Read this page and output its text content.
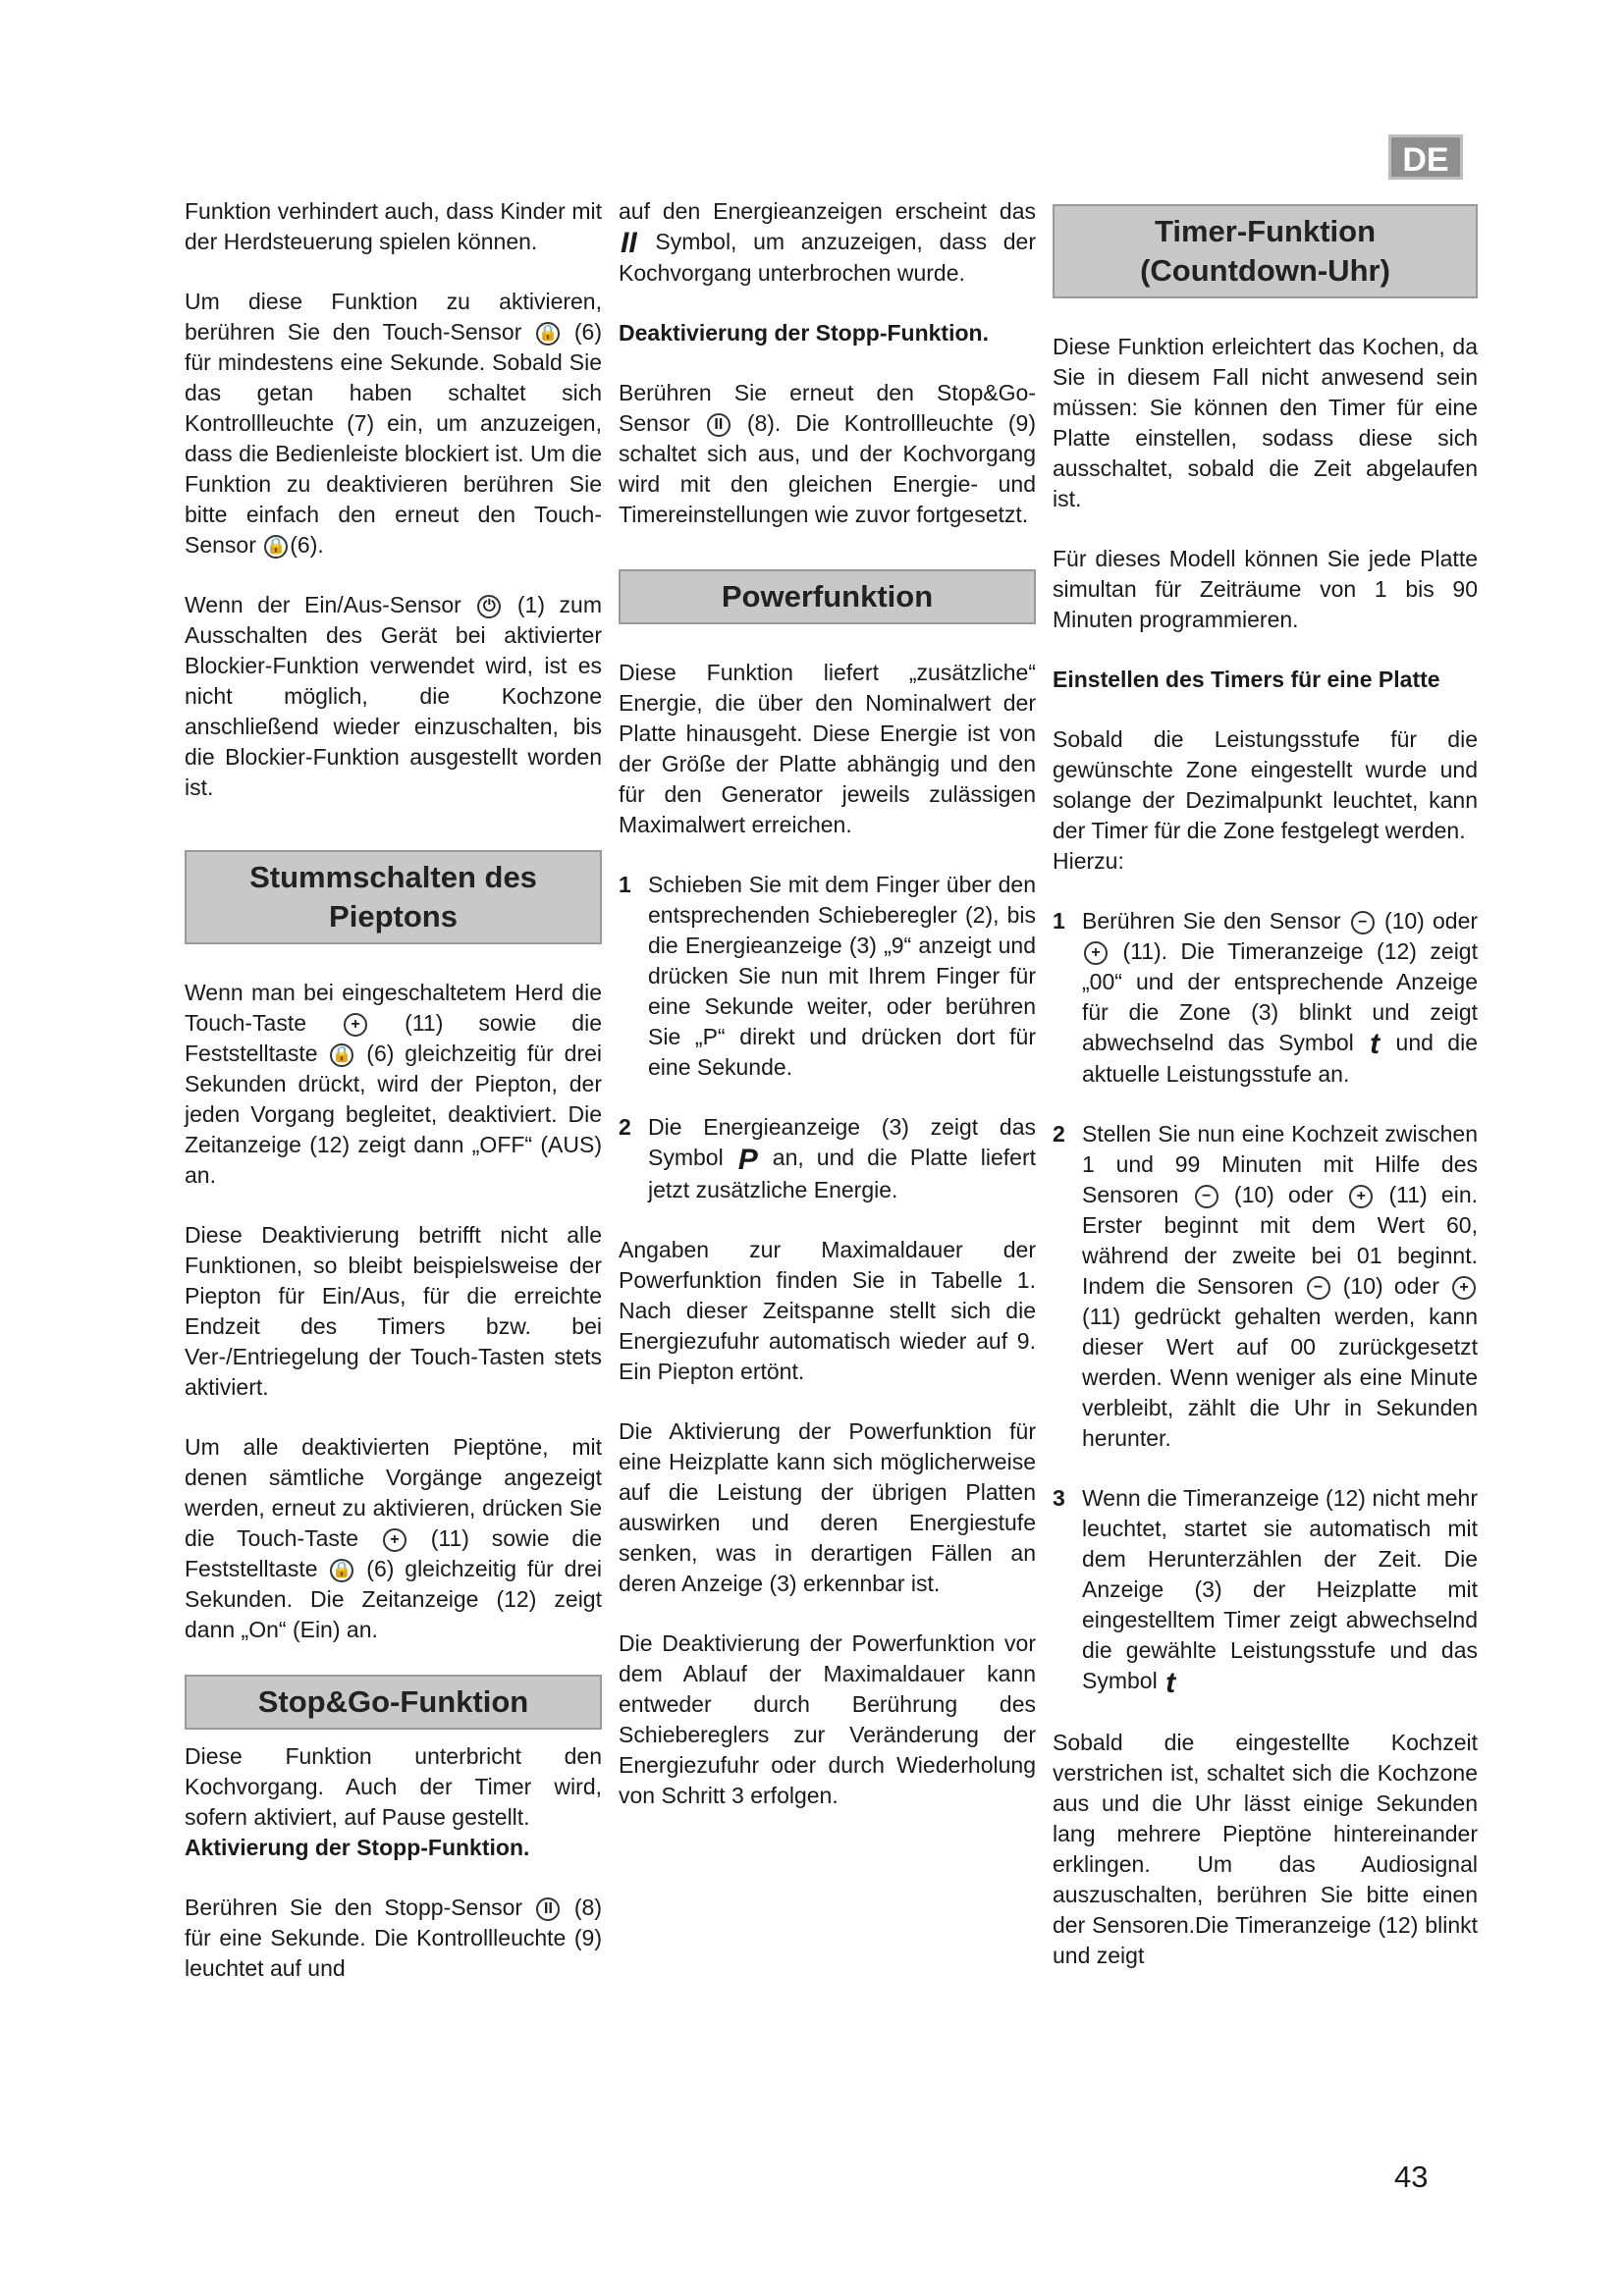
DE

Funktion verhindert auch, dass Kinder mit der Herdsteuerung spielen können.

Um diese Funktion zu aktivieren, berühren Sie den Touch-Sensor 🔒 (6) für mindestens eine Sekunde. Sobald Sie das getan haben schaltet sich Kontrollleuchte (7) ein, um anzuzeigen, dass die Bedienleiste blockiert ist. Um die Funktion zu deaktivieren berühren Sie bitte einfach den erneut den Touch-Sensor 🔒 (6).

Wenn der Ein/Aus-Sensor ⏻ (1) zum Ausschalten des Gerät bei aktivierter Blockier-Funktion verwendet wird, ist es nicht möglich, die Kochzone anschließend wieder einzuschalten, bis die Blockier-Funktion ausgestellt worden ist.

Stummschalten des Pieptons

Wenn man bei eingeschaltetem Herd die Touch-Taste	+ (11) sowie die Feststelltaste 🔒 (6) gleichzeitig für drei Sekunden drückt, wird der Piepton, der jeden Vorgang begleitet, deaktiviert. Die Zeitanzeige (12) zeigt dann „OFF“ (AUS) an.

Diese Deaktivierung betrifft nicht alle Funktionen, so bleibt beispielsweise der Piepton für Ein/Aus, für die erreichte Endzeit des Timers bzw. bei Ver-/Entriegelung der Touch-Tasten stets aktiviert.

Um alle deaktivierten Pieptöne, mit denen sämtliche Vorgänge angezeigt werden, erneut zu aktivieren, drücken Sie die Touch-Taste + (11) sowie die Feststelltaste 🔒 (6) gleichzeitig für drei Sekunden. Die Zeitanzeige (12) zeigt dann „On“ (Ein) an.

Stop&Go-Funktion

Diese Funktion unterbricht den Kochvorgang. Auch der Timer wird, sofern aktiviert, auf Pause gestellt.
Aktivierung der Stopp-Funktion.

Berühren Sie den Stopp-Sensor II (8) für eine Sekunde. Die Kontrollleuchte (9) leuchtet auf und

auf den Energieanzeigen erscheint das II Symbol, um anzuzeigen, dass der Kochvorgang unterbrochen wurde.

Deaktivierung der Stopp-Funktion.

Berühren Sie erneut den Stop&Go-Sensor II (8). Die Kontrollleuchte (9) schaltet sich aus, und der Kochvorgang wird mit den gleichen Energie- und Timereinstellungen wie zuvor fortgesetzt.

Powerfunktion

Diese Funktion liefert „zusätzliche“ Energie, die über den Nominalwert der Platte hinausgeht. Diese Energie ist von der Größe der Platte abhängig und den für den Generator jeweils zulässigen Maximalwert erreichen.

1 Schieben Sie mit dem Finger über den entsprechenden Schieberegler (2), bis die Energieanzeige (3) „9“ anzeigt und drücken Sie nun mit Ihrem Finger für eine Sekunde weiter, oder berühren Sie „P“ direkt und drücken dort für eine Sekunde.
2 Die Energieanzeige (3) zeigt das Symbol P an, und die Platte liefert jetzt zusätzliche Energie.

Angaben zur Maximaldauer der Powerfunktion finden Sie in Tabelle 1. Nach dieser Zeitspanne stellt sich die Energiezufuhr automatisch wieder auf 9. Ein Piepton ertönt.

Die Aktivierung der Powerfunktion für eine Heizplatte kann sich möglicherweise auf die Leistung der übrigen Platten auswirken und deren Energiestufe senken, was in derartigen Fällen an deren Anzeige (3) erkennbar ist.

Die Deaktivierung der Powerfunktion vor dem Ablauf der Maximaldauer kann entweder durch Berührung des Schiebereglers zur Veränderung der Energiezufuhr oder durch Wiederholung von Schritt 3 erfolgen.

Timer-Funktion (Countdown-Uhr)

Diese Funktion erleichtert das Kochen, da Sie in diesem Fall nicht anwesend sein müssen: Sie können den Timer für eine Platte einstellen, sodass diese sich ausschaltet, sobald die Zeit abgelaufen ist.

Für dieses Modell können Sie jede Platte simultan für Zeiträume von 1 bis 90 Minuten programmieren.

Einstellen des Timers für eine Platte

Sobald die Leistungsstufe für die gewünschte Zone eingestellt wurde und solange der Dezimalpunkt leuchtet, kann der Timer für die Zone festgelegt werden.
Hierzu:

1 Berühren Sie den Sensor − (10) oder + (11). Die Timeranzeige (12) zeigt „00“ und der entsprechende Anzeige für die Zone (3) blinkt und zeigt abwechselnd das Symbol t und die aktuelle Leistungsstufe an.
2 Stellen Sie nun eine Kochzeit zwischen 1 und 99 Minuten mit Hilfe des Sensoren − (10) oder + (11) ein. Erster beginnt mit dem Wert 60, während der zweite bei 01 beginnt. Indem die Sensoren − (10) oder + (11) gedrückt gehalten werden, kann dieser Wert auf 00 zurückgesetzt werden. Wenn weniger als eine Minute verbleibt, zählt die Uhr in Sekunden herunter.
3 Wenn die Timeranzeige (12) nicht mehr leuchtet, startet sie automatisch mit dem Herunterzählen der Zeit. Die Anzeige (3) der Heizplatte mit eingestelltem Timer zeigt abwechselnd die gewählte Leistungsstufe und das Symbol t

Sobald die eingestellte Kochzeit verstrichen ist, schaltet sich die Kochzone aus und die Uhr lässt einige Sekunden lang mehrere Pieptöne hintereinander erklingen. Um das Audiosignal auszuschalten, berühren Sie bitte einen der Sensoren.Die Timeranzeige (12) blinkt und zeigt

43
